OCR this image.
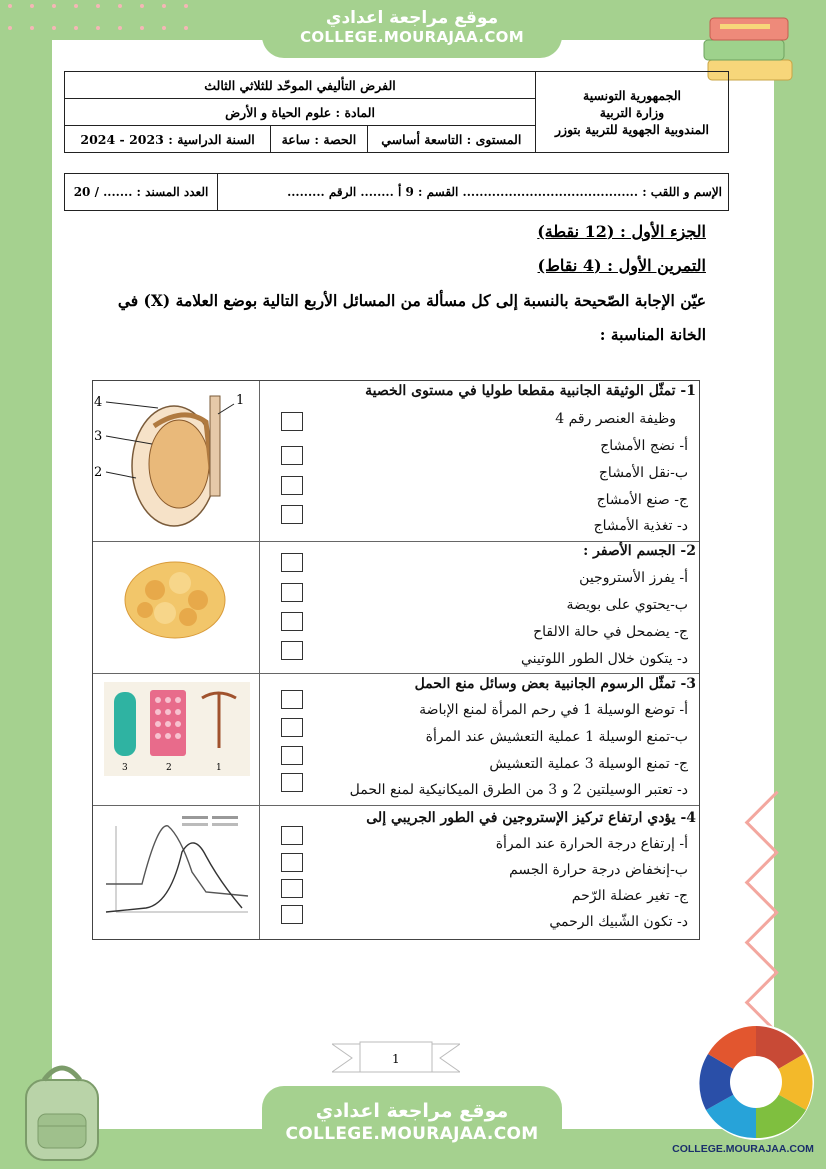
موقع مراجعة اعدادي
COLLEGE.MOURAJAA.COM
الجمهورية التونسية
وزارة التربية
المندوبية الجهوية للتربية بتوزر	الفرض التأليفي الموحّد للثلاثي الثالث		
	المادة : علوم الحياة و الأرض		
	المستوى : التاسعة أساسي	الحصة : ساعة	السنة الدراسية : 2023 - 2024
الإسم و اللقب : .......................................... القسم : 9 أ ........ الرقم .........	العدد المسند : ....... / 20
الجزء الأول : (12 نقطة)
التمرين الأول : (4 نقاط)
عيّن الإجابة الصّحيحة بالنسبة إلى كل مسألة من المسائل الأربع التالية بوضع العلامة (X) في الخانة المناسبة :
1- تمثّل الوثيقة الجانبية مقطعا طوليا في مستوى الخصية
وظيفة العنصر رقم 4
أ- نضج الأمشاج
ب-نقل الأمشاج
ج- صنع الأمشاج
د- تغذية الأمشاج
4	1
3
2
2- الجسم الأصفر :
أ- يفرز الأستروجين
ب-يحتوي على بويضة
ج- يضمحل في حالة الالقاح
د- يتكون خلال الطور اللوتيني
3- تمثّل الرسوم الجانبية بعض وسائل منع الحمل
أ- توضع الوسيلة 1 في رحم المرأة لمنع الإباضة
ب-تمنع الوسيلة 1 عملية التعشيش عند المرأة
ج- تمنع الوسيلة 3 عملية التعشيش
د- تعتبر الوسيلتين 2 و 3 من الطرق الميكانيكية لمنع الحمل
3	2	1
4- يؤدي ارتفاع تركيز الإستروجين في الطور الجريبي إلى
أ- إرتفاع درجة الحرارة عند المرأة
ب-إنخفاض درجة حرارة الجسم
ج- تغير عضلة الرّحم
د- تكون الشّبيك الرحمي
1
COLLEGE.MOURAJAA.COM
موقع مراجعة اعدادي
COLLEGE.MOURAJAA.COM
